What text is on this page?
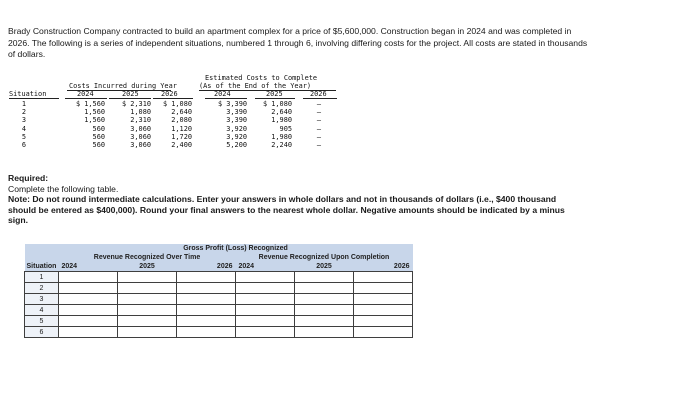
Brady Construction Company contracted to build an apartment complex for a price of $5,600,000. Construction began in 2024 and was completed in 2026. The following is a series of independent situations, numbered 1 through 6, involving differing costs for the project. All costs are stated in thousands of dollars.
Costs Incurred during Year
Estimated Costs to Complete
(As of the End of the Year)
Situation	2024	2025	2026	2024	2025	2026
1	$ 1,560	$ 2,310	$ 1,080	$ 3,390	$ 1,080	–
2	1,560	1,080	2,640	3,390	2,640	–
3	1,560	2,310	2,080	3,390	1,980	–
4	560	3,060	1,120	3,920	905	–
5	560	3,060	1,720	3,920	1,980	–
6	560	3,060	2,400	5,200	2,240	–
Required:
Complete the following table.
Note: Do not round intermediate calculations. Enter your answers in whole dollars and not in thousands of dollars (i.e., $400 thousand should be entered as $400,000). Round your final answers to the nearest whole dollar. Negative amounts should be indicated by a minus sign.
	Gross Profit (Loss) Recognized					
	Revenue Recognized Over Time			Revenue Recognized Upon Completion		
Situation	2024	2025	2026	2024	2025	2026
1						
2						
3						
4						
5						
6						
